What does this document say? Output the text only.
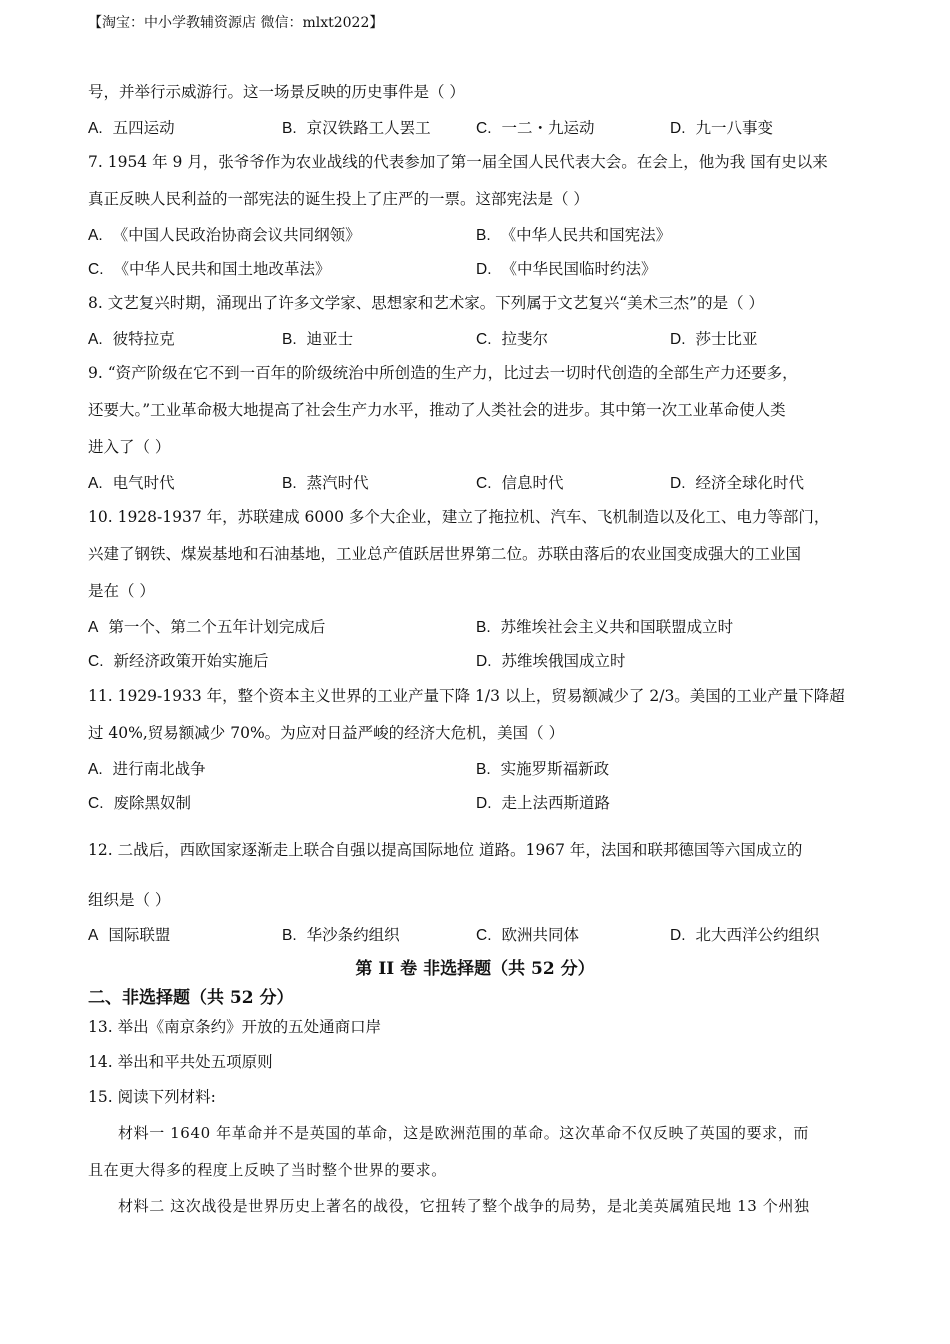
【淘宝：中小学教辅资源店 微信：mlxt2022】
号，并举行示威游行。这一场景反映的历史事件是（ ）
A. 五四运动	B. 京汉铁路工人罢工	C. 一二・九运动	D. 九一八事变
7. 1954 年 9 月，张爷爷作为农业战线的代表参加了第一届全国人民代表大会。在会上，他为我 国有史以来
真正反映人民利益的一部宪法的诞生投上了庄严的一票。这部宪法是（ ）
A. 《中国人民政治协商会议共同纲领》	B. 《中华人民共和国宪法》
C. 《中华人民共和国土地改革法》	D. 《中华民国临时约法》
8. 文艺复兴时期，涌现出了许多文学家、思想家和艺术家。下列属于文艺复兴“美术三杰”的是（ ）
A. 彼特拉克	B. 迪亚士	C. 拉斐尔	D. 莎士比亚
9. “资产阶级在它不到一百年的阶级统治中所创造的生产力，比过去一切时代创造的全部生产力还要多，
还要大。”工业革命极大地提高了社会生产力水平，推动了人类社会的进步。其中第一次工业革命使人类
进入了（ ）
A. 电气时代	B. 蒸汽时代	C. 信息时代	D. 经济全球化时代
10. 1928-1937 年，苏联建成 6000 多个大企业，建立了拖拉机、汽车、飞机制造以及化工、电力等部门，
兴建了钢铁、煤炭基地和石油基地，工业总产值跃居世界第二位。苏联由落后的农业国变成强大的工业国
是在（ ）
A 第一个、第二个五年计划完成后	B. 苏维埃社会主义共和国联盟成立时
C. 新经济政策开始实施后	D. 苏维埃俄国成立时
11. 1929-1933 年，整个资本主义世界的工业产量下降 1/3 以上，贸易额减少了 2/3。美国的工业产量下降超
过 40%,贸易额减少 70%。为应对日益严峻的经济大危机，美国（ ）
A. 进行南北战争	B. 实施罗斯福新政
C. 废除黑奴制	D. 走上法西斯道路
12. 二战后，西欧国家逐渐走上联合自强以提高国际地位 道路。1967 年，法国和联邦德国等六国成立的
组织是（ ）
A 国际联盟	B. 华沙条约组织	C. 欧洲共同体	D. 北大西洋公约组织
第 II 卷 非选择题（共 52 分）
二、非选择题（共 52 分）
13. 举出《南京条约》开放的五处通商口岸
14. 举出和平共处五项原则
15. 阅读下列材料:
材料一 1640 年革命并不是英国的革命，这是欧洲范围的革命。这次革命不仅反映了英国的要求，而
且在更大得多的程度上反映了当时整个世界的要求。
材料二 这次战役是世界历史上著名的战役，它扭转了整个战争的局势，是北美英属殖民地 13 个州独
